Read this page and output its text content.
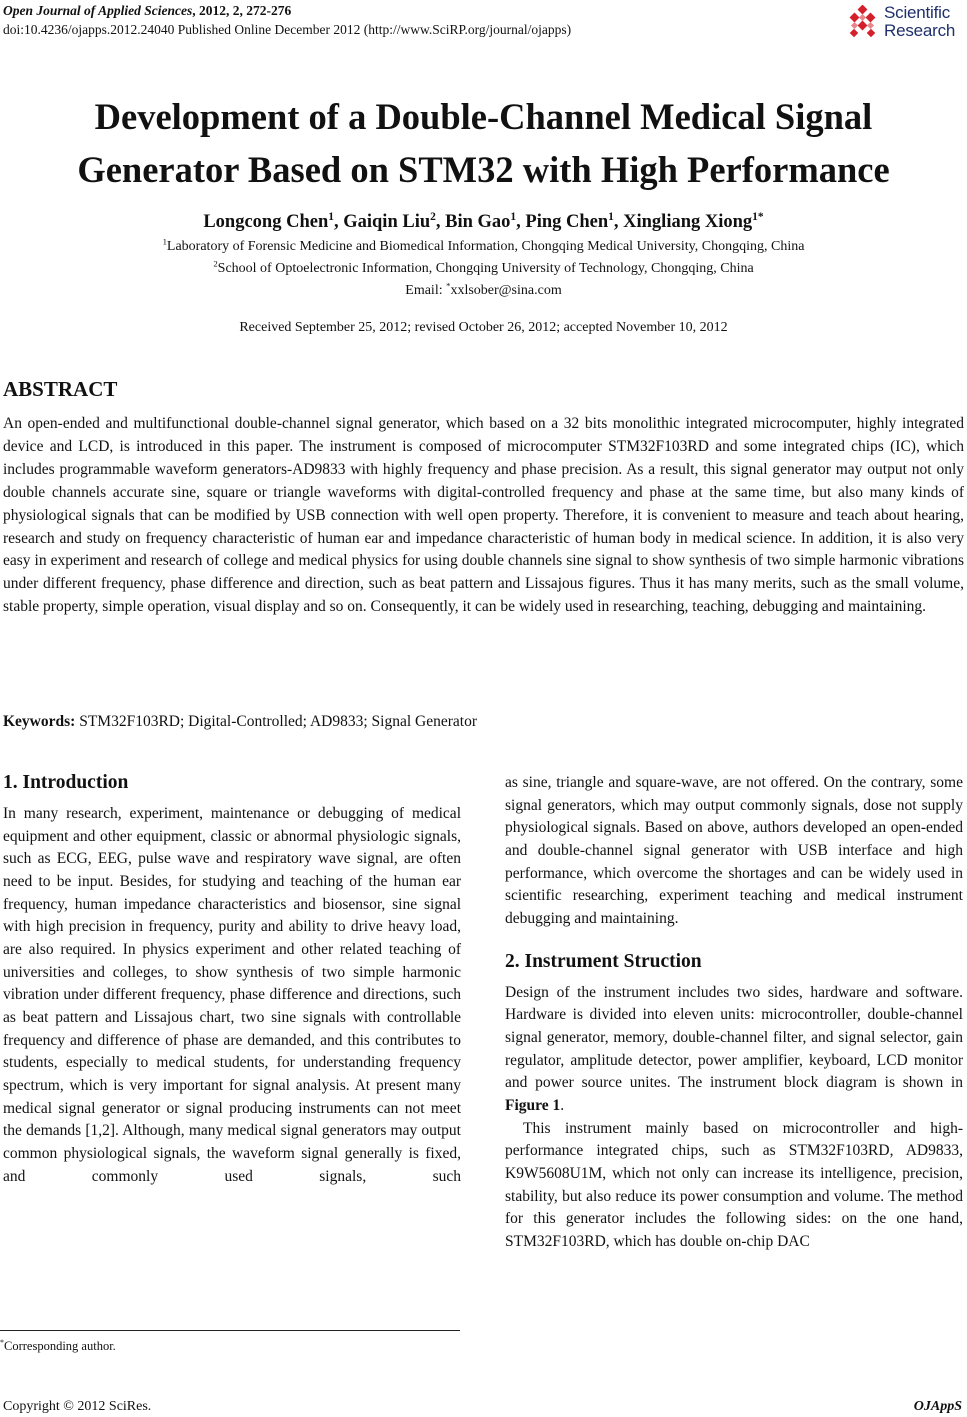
Open Journal of Applied Sciences, 2012, 2, 272-276
doi:10.4236/ojapps.2012.24040 Published Online December 2012 (http://www.SciRP.org/journal/ojapps)
Scientific
Research
Development of a Double-Channel Medical Signal
Generator Based on STM32 with High Performance
Longcong Chen$^1$, Gaiqin Liu$^2$, Bin Gao$^1$, Ping Chen$^1$, Xingliang Xiong$^{1*}$
$^1$Laboratory of Forensic Medicine and Biomedical Information, Chongqing Medical University, Chongqing, China
$^2$School of Optoelectronic Information, Chongqing University of Technology, Chongqing, China
Email: *xxlsober@sina.com
Received September 25, 2012; revised October 26, 2012; accepted November 10, 2012
ABSTRACT

An open-ended and multifunctional double-channel signal generator, which based on a 32 bits monolithic integrated microcomputer, highly integrated device and LCD, is introduced in this paper. The instrument is composed of microcomputer STM32F103RD and some integrated chips (IC), which includes programmable waveform generators-AD9833 with highly frequency and phase precision. As a result, this signal generator may output not only double channels accurate sine, square or triangle waveforms with digital-controlled frequency and phase at the same time, but also many kinds of physiological signals that can be modified by USB connection with well open property. Therefore, it is convenient to measure and teach about hearing, research and study on frequency characteristic of human ear and impedance characteristic of human body in medical science. In addition, it is also very easy in experiment and research of college and medical physics for using double channels sine signal to show synthesis of two simple harmonic vibrations under different frequency, phase difference and direction, such as beat pattern and Lissajous figures. Thus it has many merits, such as the small volume, stable property, simple operation, visual display and so on. Consequently, it can be widely used in researching, teaching, debugging and maintaining.

Keywords: STM32F103RD; Digital-Controlled; AD9833; Signal Generator
1. Introduction

In many research, experiment, maintenance or debugging of medical equipment and other equipment, classic or abnormal physiologic signals, such as ECG, EEG, pulse wave and respiratory wave signal, are often need to be input. Besides, for studying and teaching of the human ear frequency, human impedance characteristics and biosensor, sine signal with high precision in frequency, purity and ability to drive heavy load, are also required. In physics experiment and other related teaching of universities and colleges, to show synthesis of two simple harmonic vibration under different frequency, phase difference and directions, such as beat pattern and Lissajous chart, two sine signals with controllable frequency and difference of phase are demanded, and this contributes to students, especially to medical students, for understanding frequency spectrum, which is very important for signal analysis. At present many medical signal generator or signal producing instruments can not meet the demands [1,2]. Although, many medical signal generators may output common physiological signals, the waveform signal generally is fixed, and commonly used signals, such

as sine, triangle and square-wave, are not offered. On the contrary, some signal generators, which may output commonly signals, dose not supply physiological signals. Based on above, authors developed an open-ended and double-channel signal generator with USB interface and high performance, which overcome the shortages and can be widely used in scientific researching, experiment teaching and medical instrument debugging and maintaining.

2. Instrument Struction

Design of the instrument includes two sides, hardware and software. Hardware is divided into eleven units: microcontroller, double-channel signal generator, memory, double-channel filter, and signal selector, gain regulator, amplitude detector, power amplifier, keyboard, LCD monitor and power source unites. The instrument block diagram is shown in Figure 1.

This instrument mainly based on microcontroller and high-performance integrated chips, such as STM32F103RD, AD9833, K9W5608U1M, which not only can increase its intelligence, precision, stability, but also reduce its power consumption and volume. The method for this generator includes the following sides: on the one hand, STM32F103RD, which has double on-chip DAC

*Corresponding author.
Copyright © 2012 SciRes.	OJAppS
